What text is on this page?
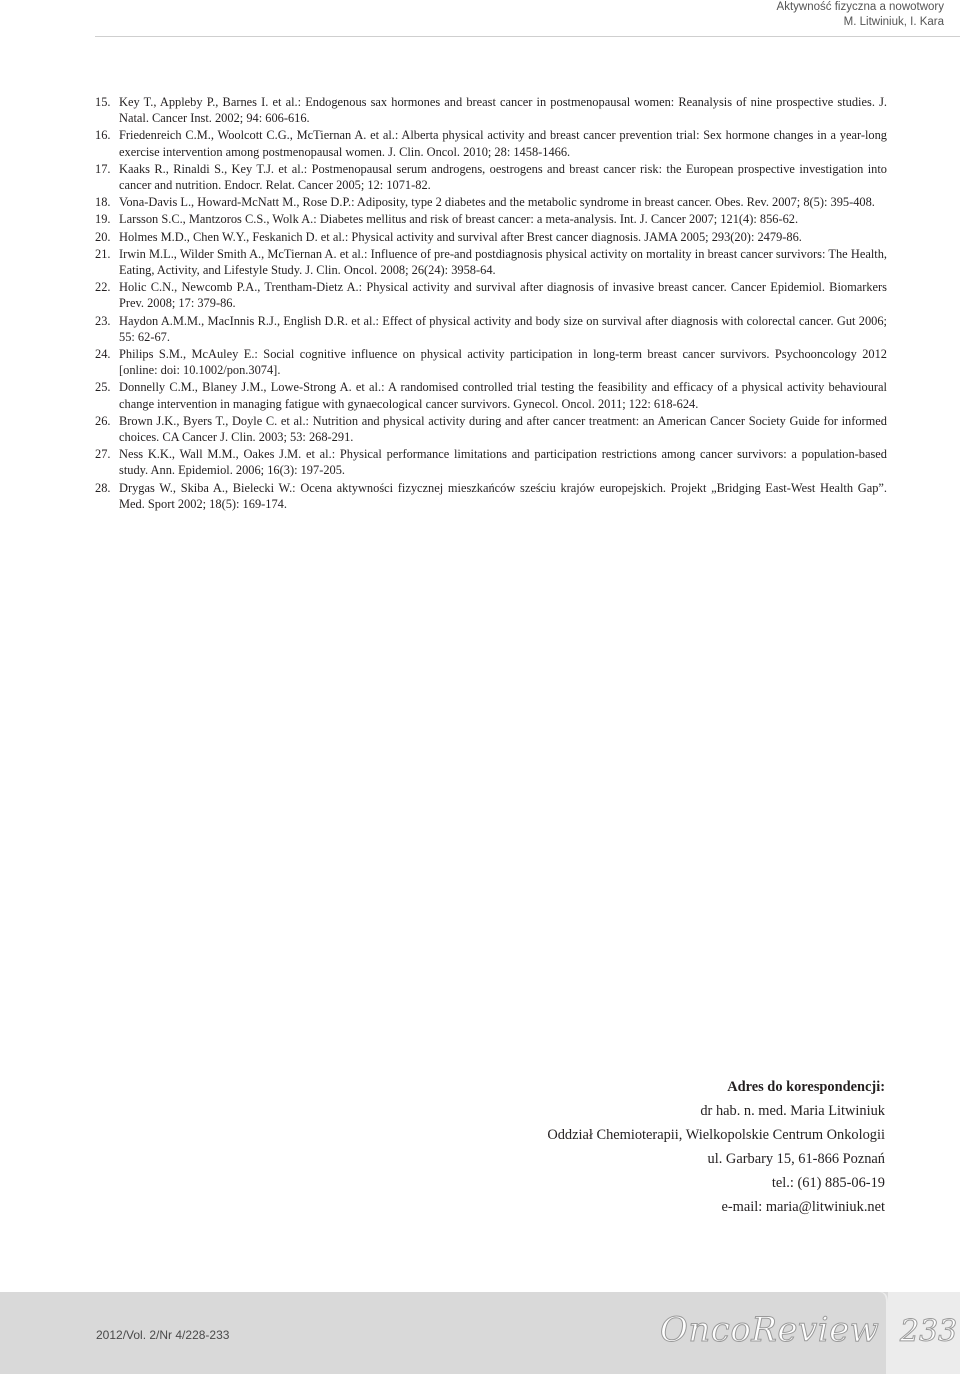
Aktywność fizyczna a nowotwory
M. Litwiniuk, I. Kara
15. Key T., Appleby P., Barnes I. et al.: Endogenous sax hormones and breast cancer in postmenopausal women: Reanalysis of nine prospective studies. J. Natal. Cancer Inst. 2002; 94: 606-616.
16. Friedenreich C.M., Woolcott C.G., McTiernan A. et al.: Alberta physical activity and breast cancer prevention trial: Sex hormone changes in a year-long exercise intervention among postmenopausal women. J. Clin. Oncol. 2010; 28: 1458-1466.
17. Kaaks R., Rinaldi S., Key T.J. et al.: Postmenopausal serum androgens, oestrogens and breast cancer risk: the European prospective investigation into cancer and nutrition. Endocr. Relat. Cancer 2005; 12: 1071-82.
18. Vona-Davis L., Howard-McNatt M., Rose D.P.: Adiposity, type 2 diabetes and the metabolic syndrome in breast cancer. Obes. Rev. 2007; 8(5): 395-408.
19. Larsson S.C., Mantzoros C.S., Wolk A.: Diabetes mellitus and risk of breast cancer: a meta-analysis. Int. J. Cancer 2007; 121(4): 856-62.
20. Holmes M.D., Chen W.Y., Feskanich D. et al.: Physical activity and survival after Brest cancer diagnosis. JAMA 2005; 293(20): 2479-86.
21. Irwin M.L., Wilder Smith A., McTiernan A. et al.: Influence of pre-and postdiagnosis physical activity on mortality in breast cancer survivors: The Health, Eating, Activity, and Lifestyle Study. J. Clin. Oncol. 2008; 26(24): 3958-64.
22. Holic C.N., Newcomb P.A., Trentham-Dietz A.: Physical activity and survival after diagnosis of invasive breast cancer. Cancer Epidemiol. Biomarkers Prev. 2008; 17: 379-86.
23. Haydon A.M.M., MacInnis R.J., English D.R. et al.: Effect of physical activity and body size on survival after diagnosis with colorectal cancer. Gut 2006; 55: 62-67.
24. Philips S.M., McAuley E.: Social cognitive influence on physical activity participation in long-term breast cancer survivors. Psychooncology 2012 [online: doi: 10.1002/pon.3074].
25. Donnelly C.M., Blaney J.M., Lowe-Strong A. et al.: A randomised controlled trial testing the feasibility and efficacy of a physical activity behavioural change intervention in managing fatigue with gynaecological cancer survivors. Gynecol. Oncol. 2011; 122: 618-624.
26. Brown J.K., Byers T., Doyle C. et al.: Nutrition and physical activity during and after cancer treatment: an American Cancer Society Guide for informed choices. CA Cancer J. Clin. 2003; 53: 268-291.
27. Ness K.K., Wall M.M., Oakes J.M. et al.: Physical performance limitations and participation restrictions among cancer survivors: a population-based study. Ann. Epidemiol. 2006; 16(3): 197-205.
28. Drygas W., Skiba A., Bielecki W.: Ocena aktywności fizycznej mieszkańców sześciu krajów europejskich. Projekt „Bridging East-West Health Gap”. Med. Sport 2002; 18(5): 169-174.
Adres do korespondencji:
dr hab. n. med. Maria Litwiniuk
Oddział Chemioterapii, Wielkopolskie Centrum Onkologii
ul. Garbary 15, 61-866 Poznań
tel.: (61) 885-06-19
e-mail: maria@litwiniuk.net
2012/Vol. 2/Nr 4/228-233	OncoReview 233
